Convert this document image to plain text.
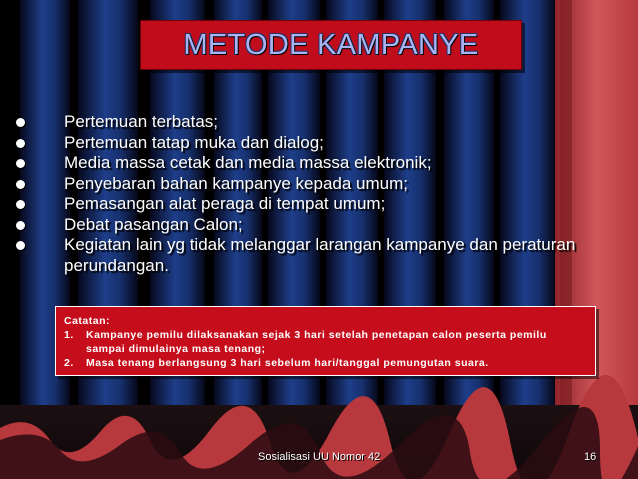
METODE KAMPANYE
Pertemuan terbatas;
Pertemuan tatap muka dan dialog;
Media massa cetak dan media massa elektronik;
Penyebaran bahan kampanye kepada umum;
Pemasangan alat peraga di tempat umum;
Debat pasangan Calon;
Kegiatan lain yg tidak melanggar larangan kampanye dan peraturan perundangan.
Catatan:
1.	Kampanye pemilu dilaksanakan sejak 3 hari setelah penetapan calon peserta pemilu
sampai dimulainya masa tenang;
2.	Masa tenang berlangsung 3 hari sebelum hari/tanggal pemungutan suara.
Sosialisasi UU Nomor 42	16
